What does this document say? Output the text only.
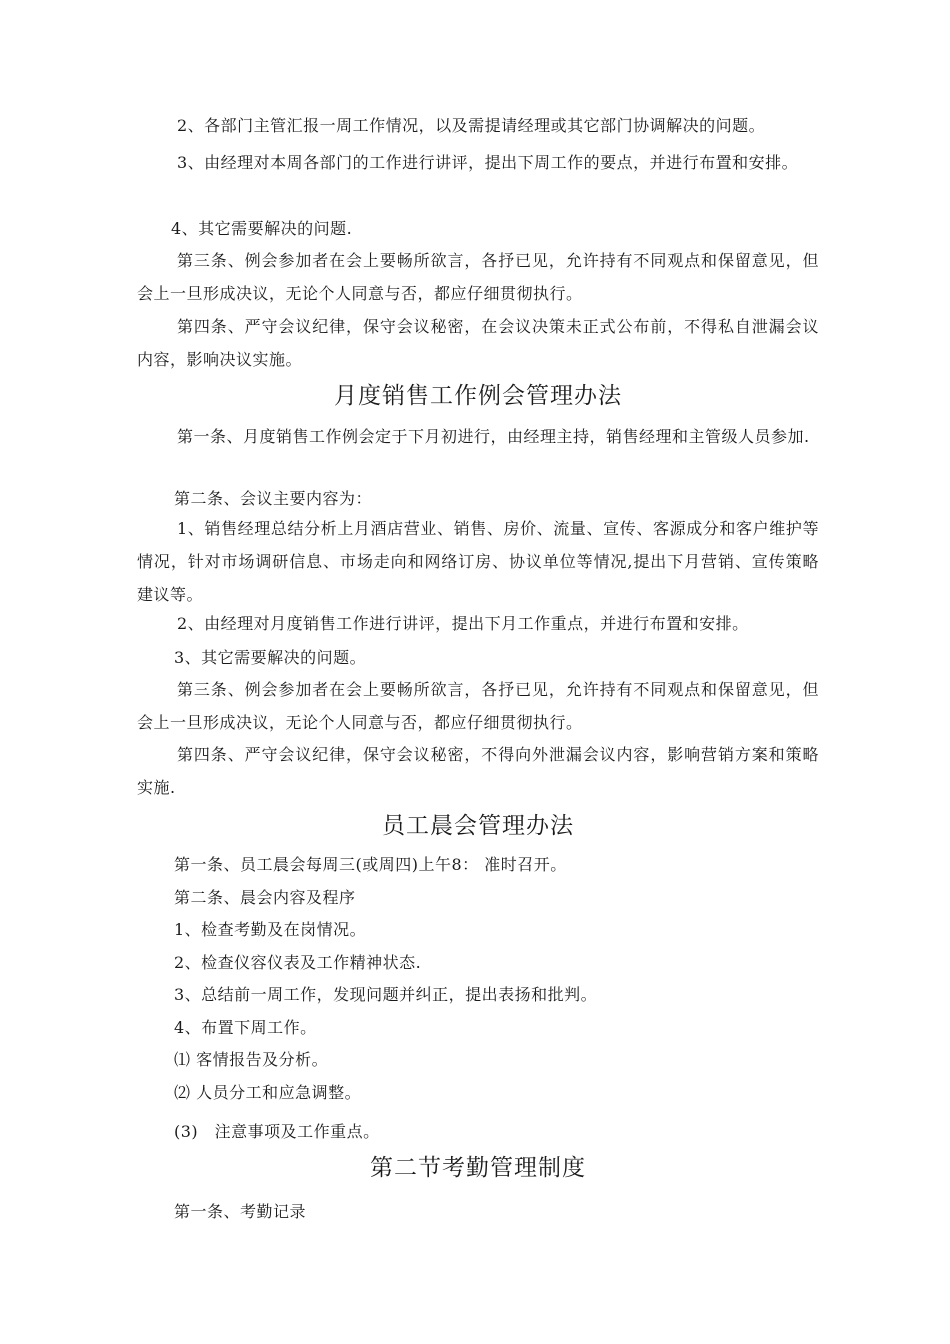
2、各部门主管汇报一周工作情况，以及需提请经理或其它部门协调解决的问题。

3、由经理对本周各部门的工作进行讲评，提出下周工作的要点，并进行布置和安排。

4、其它需要解决的问题.

第三条、例会参加者在会上要畅所欲言，各抒已见，允许持有不同观点和保留意见，但会上一旦形成决议，无论个人同意与否，都应仔细贯彻执行。

第四条、严守会议纪律，保守会议秘密，在会议决策未正式公布前，不得私自泄漏会议内容，影响决议实施。

月度销售工作例会管理办法

第一条、月度销售工作例会定于下月初进行，由经理主持，销售经理和主管级人员参加.

第二条、会议主要内容为：

1、销售经理总结分析上月酒店营业、销售、房价、流量、宣传、客源成分和客户维护等情况，针对市场调研信息、市场走向和网络订房、协议单位等情况,提出下月营销、宣传策略建议等。

2、由经理对月度销售工作进行讲评，提出下月工作重点，并进行布置和安排。

3、其它需要解决的问题。

第三条、例会参加者在会上要畅所欲言，各抒已见，允许持有不同观点和保留意见，但会上一旦形成决议，无论个人同意与否，都应仔细贯彻执行。

第四条、严守会议纪律，保守会议秘密，不得向外泄漏会议内容，影响营销方案和策略实施.

员工晨会管理办法

第一条、员工晨会每周三(或周四)上午8： 准时召开。

第二条、晨会内容及程序

1、检查考勤及在岗情况。

2、检查仪容仪表及工作精神状态.

3、总结前一周工作，发现问题并纠正，提出表扬和批判。

4、布置下周工作。

⑴ 客情报告及分析。

⑵ 人员分工和应急调整。

(3)　注意事项及工作重点。

第二节考勤管理制度

第一条、考勤记录
